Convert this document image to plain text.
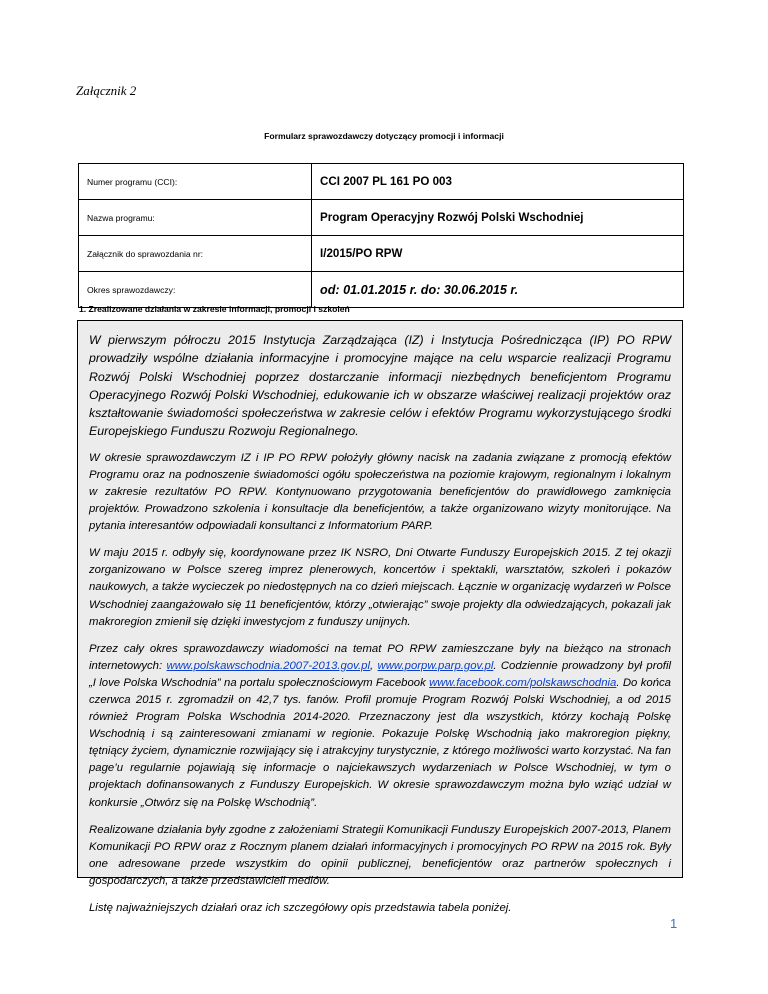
Załącznik 2
Formularz sprawozdawczy dotyczący promocji i informacji
Numer programu (CCI):	CCI 2007 PL 161 PO 003
Nazwa programu:	Program Operacyjny Rozwój Polski Wschodniej
Załącznik do sprawozdania nr:	I/2015/PO RPW
Okres sprawozdawczy:	od: 01.01.2015 r. do: 30.06.2015 r.
1. Zrealizowane działania w zakresie informacji, promocji i szkoleń

W pierwszym półroczu 2015 Instytucja Zarządzająca (IZ) i Instytucja Pośrednicząca (IP) PO RPW prowadziły wspólne działania informacyjne i promocyjne mające na celu wsparcie realizacji Programu Rozwój Polski Wschodniej poprzez dostarczanie informacji niezbędnych beneficjentom Programu Operacyjnego Rozwój Polski Wschodniej, edukowanie ich w obszarze właściwej realizacji projektów oraz kształtowanie świadomości społeczeństwa w zakresie celów i efektów Programu wykorzystującego środki Europejskiego Funduszu Rozwoju Regionalnego.

W okresie sprawozdawczym IZ i IP PO RPW położyły główny nacisk na zadania związane z promocją efektów Programu oraz na podnoszenie świadomości ogółu społeczeństwa na poziomie krajowym, regionalnym i lokalnym w zakresie rezultatów PO RPW. Kontynuowano przygotowania beneficjentów do prawidłowego zamknięcia projektów. Prowadzono szkolenia i konsultacje dla beneficjentów, a także organizowano wizyty monitorujące. Na pytania interesantów odpowiadali konsultanci z Informatorium PARP.

W maju 2015 r. odbyły się, koordynowane przez IK NSRO, Dni Otwarte Funduszy Europejskich 2015. Z tej okazji zorganizowano w Polsce szereg imprez plenerowych, koncertów i spektakli, warsztatów, szkoleń i pokazów naukowych, a także wycieczek po niedostępnych na co dzień miejscach. Łącznie w organizację wydarzeń w Polsce Wschodniej zaangażowało się 11 beneficjentów, którzy „otwierając” swoje projekty dla odwiedzających, pokazali jak makroregion zmienił się dzięki inwestycjom z funduszy unijnych.

Przez cały okres sprawozdawczy wiadomości na temat PO RPW zamieszczane były na bieżąco na stronach internetowych: www.polskawschodnia.2007-2013.gov.pl, www.porpw.parp.gov.pl. Codziennie prowadzony był profil „I love Polska Wschodnia” na portalu społecznościowym Facebook www.facebook.com/polskawschodnia. Do końca czerwca 2015 r. zgromadził on 42,7 tys. fanów. Profil promuje Program Rozwój Polski Wschodniej, a od 2015 również Program Polska Wschodnia 2014-2020. Przeznaczony jest dla wszystkich, którzy kochają Polskę Wschodnią i są zainteresowani zmianami w regionie. Pokazuje Polskę Wschodnią jako makroregion piękny, tętniący życiem, dynamicznie rozwijający się i atrakcyjny turystycznie, z którego możliwości warto korzystać. Na fan page’u regularnie pojawiają się informacje o najciekawszych wydarzeniach w Polsce Wschodniej, w tym o projektach dofinansowanych z Funduszy Europejskich. W okresie sprawozdawczym można było wziąć udział w konkursie „Otwórz się na Polskę Wschodnią”.

Realizowane działania były zgodne z założeniami Strategii Komunikacji Funduszy Europejskich 2007-2013, Planem Komunikacji PO RPW oraz z Rocznym planem działań informacyjnych i promocyjnych PO RPW na 2015 rok. Były one adresowane przede wszystkim do opinii publicznej, beneficjentów oraz partnerów społecznych i gospodarczych, a także przedstawicieli mediów.

Listę najważniejszych działań oraz ich szczegółowy opis przedstawia tabela poniżej.

1
